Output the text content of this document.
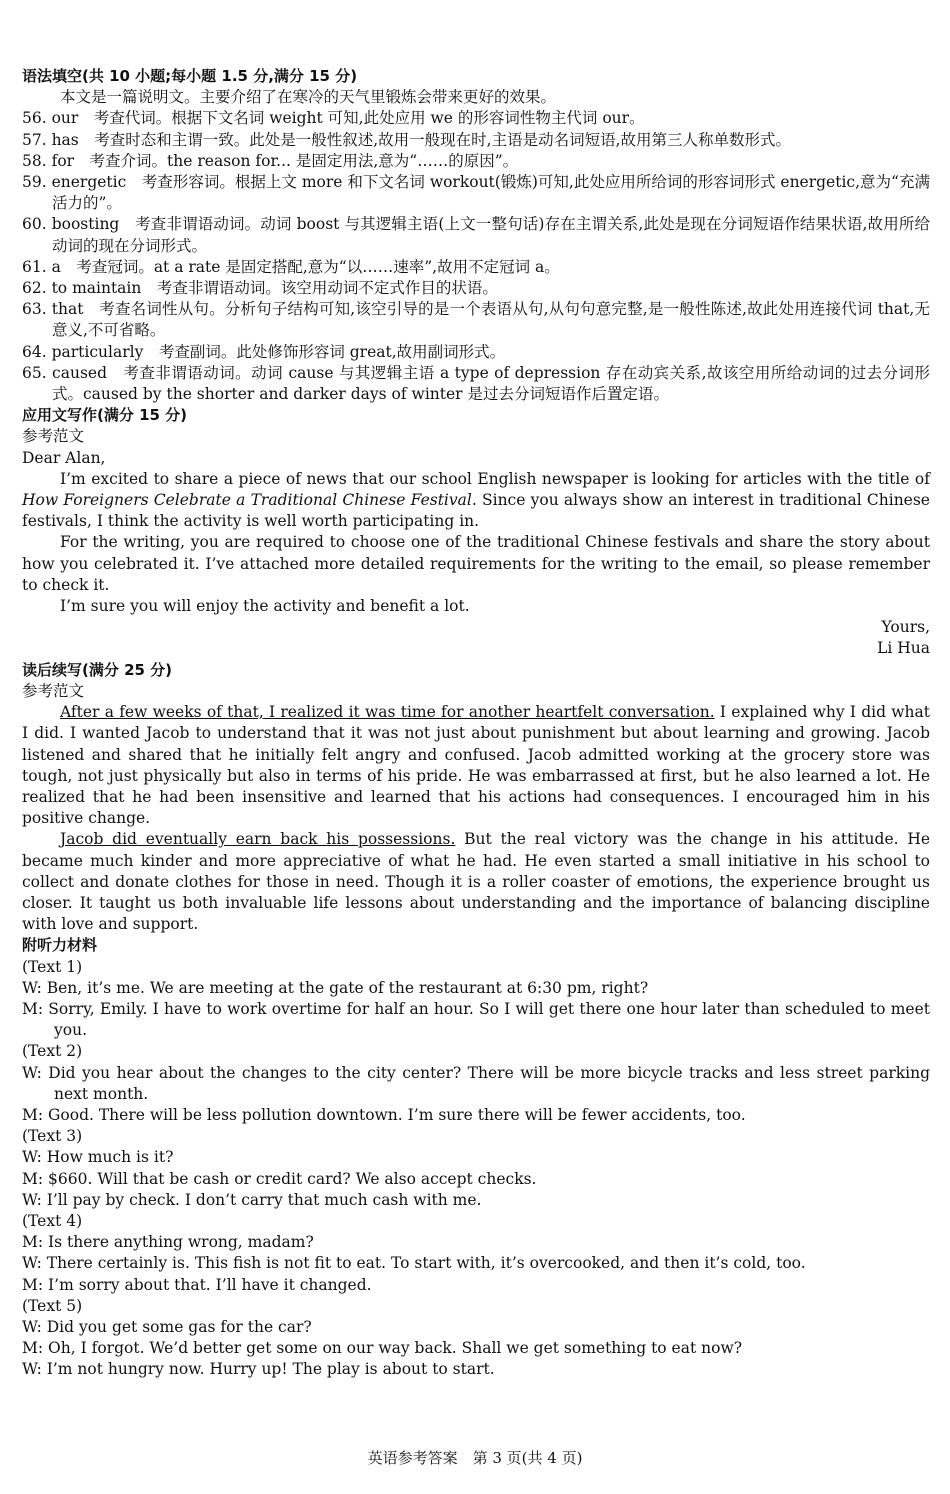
语法填空(共 10 小题;每小题 1.5 分,满分 15 分)
本文是一篇说明文。主要介绍了在寒冷的天气里锻炼会带来更好的效果。
56. our　考查代词。根据下文名词 weight 可知,此处应用 we 的形容词性物主代词 our。
57. has　考查时态和主谓一致。此处是一般性叙述,故用一般现在时,主语是动名词短语,故用第三人称单数形式。
58. for　考查介词。the reason for... 是固定用法,意为“……的原因”。
59. energetic　考查形容词。根据上文 more 和下文名词 workout(锻炼)可知,此处应用所给词的形容词形式 energetic,意为“充满活力的”。
60. boosting　考查非谓语动词。动词 boost 与其逻辑主语(上文一整句话)存在主谓关系,此处是现在分词短语作结果状语,故用所给动词的现在分词形式。
61. a　考查冠词。at a rate 是固定搭配,意为“以……速率”,故用不定冠词 a。
62. to maintain　考查非谓语动词。该空用动词不定式作目的状语。
63. that　考查名词性从句。分析句子结构可知,该空引导的是一个表语从句,从句句意完整,是一般性陈述,故此处用连接代词 that,无意义,不可省略。
64. particularly　考查副词。此处修饰形容词 great,故用副词形式。
65. caused　考查非谓语动词。动词 cause 与其逻辑主语 a type of depression 存在动宾关系,故该空用所给动词的过去分词形式。caused by the shorter and darker days of winter 是过去分词短语作后置定语。
应用文写作(满分 15 分)
参考范文
Dear Alan,
I’m excited to share a piece of news that our school English newspaper is looking for articles with the title of How Foreigners Celebrate a Traditional Chinese Festival. Since you always show an interest in traditional Chinese festivals, I think the activity is well worth participating in.
For the writing, you are required to choose one of the traditional Chinese festivals and share the story about how you celebrated it. I’ve attached more detailed requirements for the writing to the email, so please remember to check it.
I’m sure you will enjoy the activity and benefit a lot.
Yours,
Li Hua
读后续写(满分 25 分)
参考范文
After a few weeks of that, I realized it was time for another heartfelt conversation. I explained why I did what I did. I wanted Jacob to understand that it was not just about punishment but about learning and growing. Jacob listened and shared that he initially felt angry and confused. Jacob admitted working at the grocery store was tough, not just physically but also in terms of his pride. He was embarrassed at first, but he also learned a lot. He realized that he had been insensitive and learned that his actions had consequences. I encouraged him in his positive change.
Jacob did eventually earn back his possessions. But the real victory was the change in his attitude. He became much kinder and more appreciative of what he had. He even started a small initiative in his school to collect and donate clothes for those in need. Though it is a roller coaster of emotions, the experience brought us closer. It taught us both invaluable life lessons about understanding and the importance of balancing discipline with love and support.
附听力材料
(Text 1)
W: Ben, it’s me. We are meeting at the gate of the restaurant at 6:30 pm, right?
M: Sorry, Emily. I have to work overtime for half an hour. So I will get there one hour later than scheduled to meet you.
(Text 2)
W: Did you hear about the changes to the city center? There will be more bicycle tracks and less street parking next month.
M: Good. There will be less pollution downtown. I’m sure there will be fewer accidents, too.
(Text 3)
W: How much is it?
M: $660. Will that be cash or credit card? We also accept checks.
W: I’ll pay by check. I don’t carry that much cash with me.
(Text 4)
M: Is there anything wrong, madam?
W: There certainly is. This fish is not fit to eat. To start with, it’s overcooked, and then it’s cold, too.
M: I’m sorry about that. I’ll have it changed.
(Text 5)
W: Did you get some gas for the car?
M: Oh, I forgot. We’d better get some on our way back. Shall we get something to eat now?
W: I’m not hungry now. Hurry up! The play is about to start.
英语参考答案　第 3 页(共 4 页)
